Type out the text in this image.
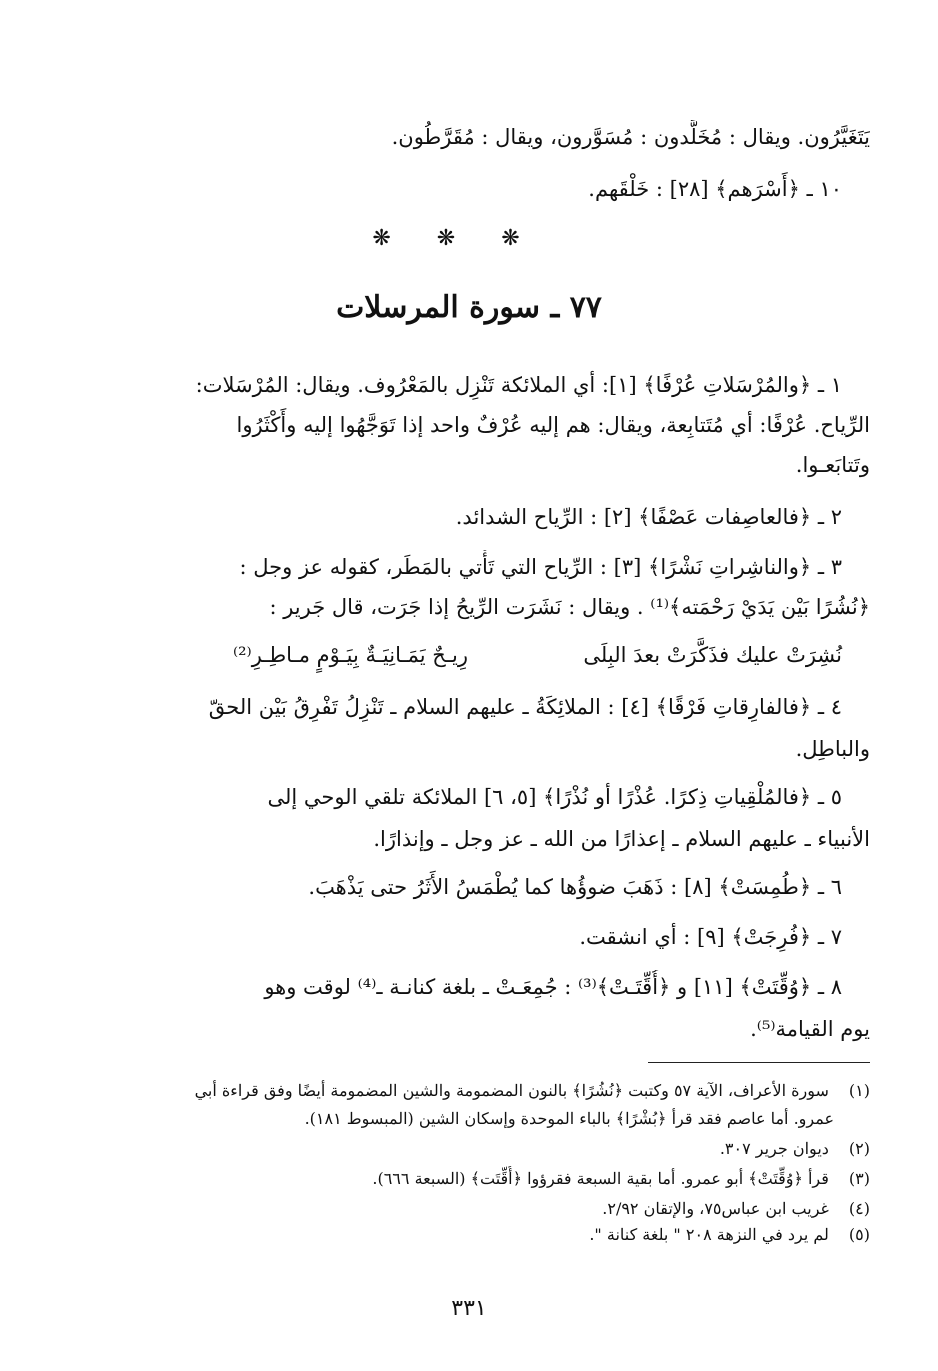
يَتَغَيَّرُون. ويقال : مُخَلَّدون : مُسَوَّرون، ويقال : مُقَرَّطُون.
١٠ ـ ﴿أَسْرَهم﴾ [٢٨] : خَلْقَهم.
❋❋❋
٧٧ ـ سورة المرسلات
١ ـ ﴿والمُرْسَلاتِ عُرْفًا﴾ [١]: أي الملائكة تَنْزِل بالمَعْرُوف. ويقال: المُرْسَلات:
الرِّياح. عُرْفًا: أي مُتَتابِعة، ويقال: هم إليه عُرْفٌ واحد إذا تَوَجَّهُوا إليه وأَكْثَرُوا
وتَتابَعـوا.
٢ ـ ﴿فالعاصِفات عَصْفًا﴾ [٢] : الرِّياح الشدائد.
٣ ـ ﴿والناشِراتِ نَشْرًا﴾ [٣] : الرِّياح التي تَأْتي بالمَطَر، كقوله عز وجل :
﴿نُشُرًا بَيْن يَدَيْ رَحْمَته﴾⁽¹⁾ . ويقال : نَشَرَت الرِّيحُ إذا جَرَت، قال جَرير :
نُشِرَتْ عليك فذَكَّرَتْ بعدَ البِلَى
رِيـحٌ يَمَـانِيَـةٌ بِيَـوْمٍ مـاطِـرِ⁽²⁾
٤ ـ ﴿فالفارِقاتِ فَرْقًا﴾ [٤] : الملائِكَةُ ـ عليهم السلام ـ تَنْزِلُ تَفْرِقُ بَيْن الحقّ
والباطِل.
٥ ـ ﴿فالمُلْقِياتِ ذِكرًا. عُذْرًا أو نُذْرًا﴾ [٥، ٦] الملائكة تلقي الوحي إلى
الأنبياء ـ عليهم السلام ـ إعذارًا من الله ـ عز وجل ـ وإنذارًا.
٦ ـ ﴿طُمِسَتْ﴾ [٨] : ذَهَبَ ضوؤُها كما يُطْمَسُ الأَثَرُ حتى يَذْهَبَ.
٧ ـ ﴿فُرِجَتْ﴾ [٩] : أي انشقت.
٨ ـ ﴿وُقِّتَتْ﴾ [١١] و ﴿أُقِّتَـتْ﴾⁽³⁾ : جُمِعَـتْ ـ بلغة كنانـة ـ⁽⁴⁾ لوقت وهو
يوم القيامة⁽⁵⁾.
(١) سورة الأعراف، الآية ٥٧ وكتبت ﴿نُشُرًا﴾ بالنون المضمومة والشين المضمومة أيضًا وفق قراءة أبي
عمرو. أما عاصم فقد قرأ ﴿بُشْرًا﴾ بالباء الموحدة وإسكان الشين (المبسوط ١٨١).
(٢) ديوان جرير ٣٠٧.
(٣) قرأ ﴿وُقِّتَتْ﴾ أبو عمرو. أما بقية السبعة فقرؤوا ﴿أُقِّتَت﴾ (السبعة ٦٦٦).
(٤) غريب ابن عباس٧٥، والإتقان ٢/٩٢.
(٥) لم يرد في النزهة ٢٠٨ " بلغة كنانة ".
٣٣١
